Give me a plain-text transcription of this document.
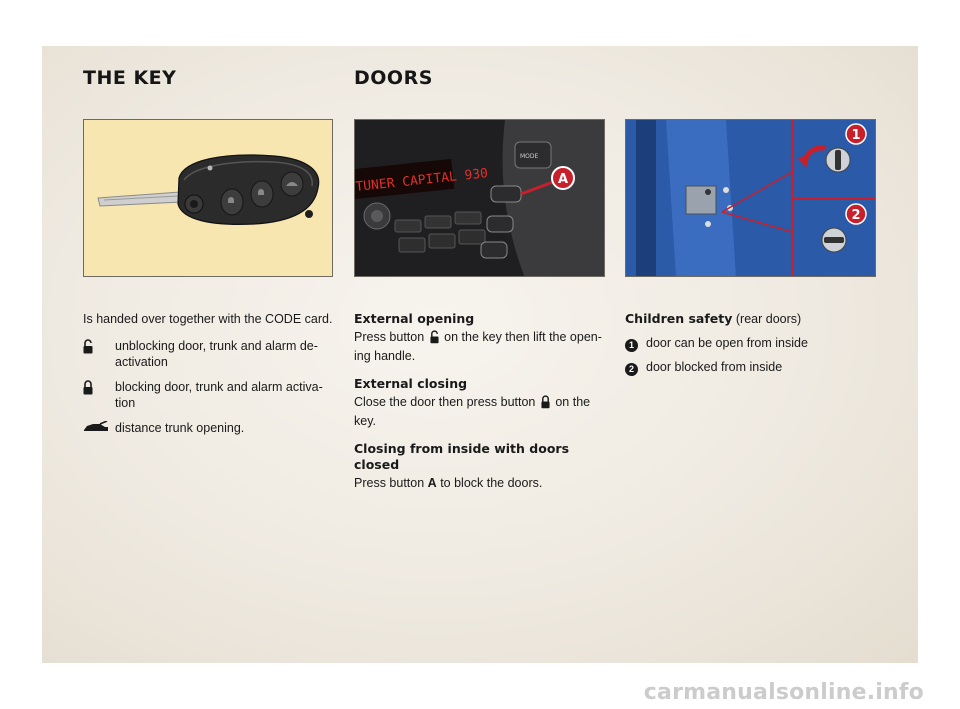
THE KEY	DOORS
TUNER CAPITAL 930
MODE
A
1
2

Is handed over together with the CODE card.

unblocking door, trunk and alarm de-activation
blocking door, trunk and alarm activa-tion
distance trunk opening.

External opening

Press button on the key then lift the open-ing handle.

External closing

Close the door then press button on the key.

Closing from inside with doors closed

Press button A to block the doors.

Children safety (rear doors)

1 door can be open from inside
2 door blocked from inside
carmanualsonline.info
